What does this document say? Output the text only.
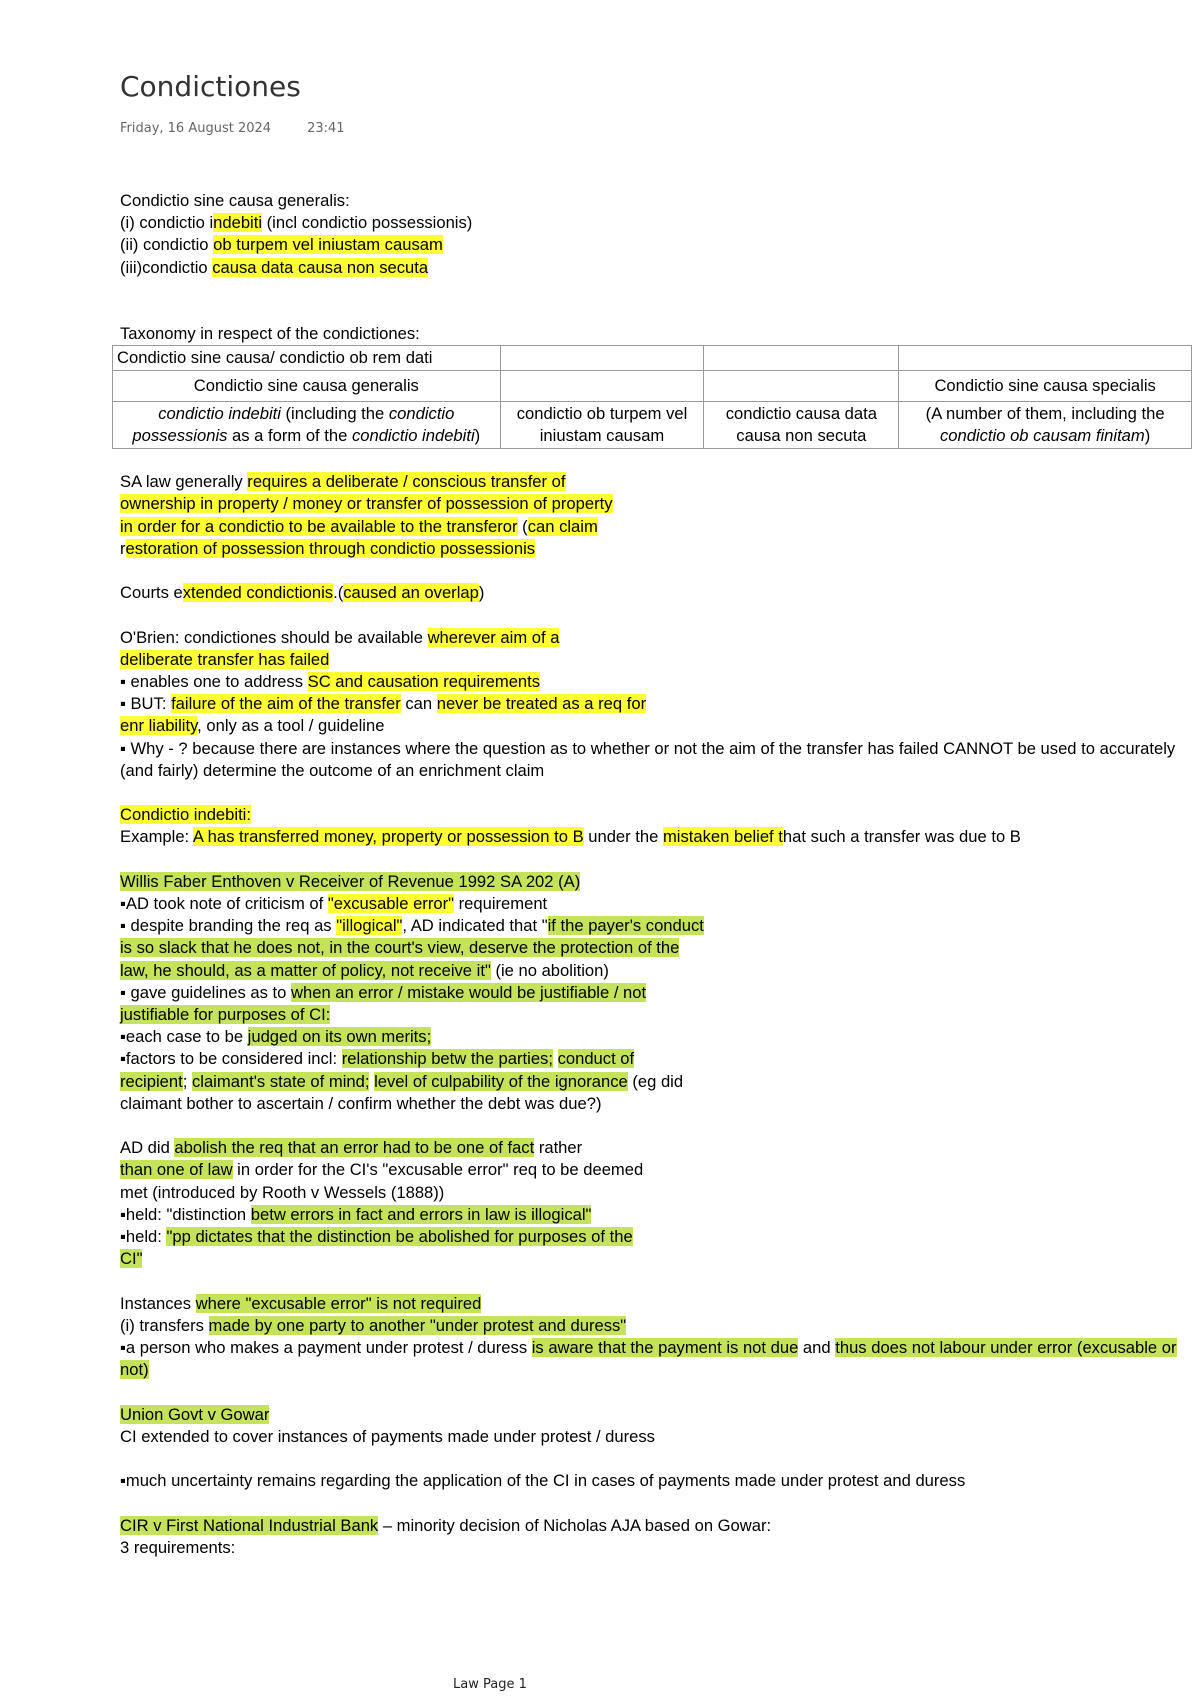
Condictiones
Friday, 16 August 2024	23:41

Condictio sine causa generalis:

(i) condictio indebiti (incl condictio possessionis)

(ii) condictio ob turpem vel iniustam causam

(iii)condictio causa data causa non secuta

Taxonomy in respect of the condictiones:

Condictio sine causa/ condictio ob rem dati			
Condictio sine causa generalis			Condictio sine causa specialis
condictio indebiti (including the condictio possessionis as a form of the condictio indebiti)	condictio ob turpem vel iniustam causam	condictio causa data causa non secuta	(A number of them, including the condictio ob causam finitam)

SA law generally requires a deliberate / conscious transfer of

ownership in property / money or transfer of possession of property

in order for a condictio to be available to the transferor (can claim

restoration of possession through condictio possessionis

Courts extended condictionis.(caused an overlap)

O'Brien: condictiones should be available wherever aim of a

deliberate transfer has failed

▪ enables one to address SC and causation requirements

▪ BUT: failure of the aim of the transfer can never be treated as a req for

enr liability, only as a tool / guideline

▪ Why - ? because there are instances where the question as to whether or not the aim of the transfer has failed CANNOT be used to accurately (and fairly) determine the outcome of an enrichment claim

Condictio indebiti:

Example: A has transferred money, property or possession to B under the mistaken belief that such a transfer was due to B

Willis Faber Enthoven v Receiver of Revenue 1992 SA 202 (A)

▪AD took note of criticism of "excusable error" requirement

▪ despite branding the req as "illogical", AD indicated that "if the payer's conduct

is so slack that he does not, in the court's view, deserve the protection of the

law, he should, as a matter of policy, not receive it" (ie no abolition)

▪ gave guidelines as to when an error / mistake would be justifiable / not

justifiable for purposes of CI:

▪each case to be judged on its own merits;

▪factors to be considered incl: relationship betw the parties; conduct of

recipient; claimant's state of mind; level of culpability of the ignorance (eg did

claimant bother to ascertain / confirm whether the debt was due?)

AD did abolish the req that an error had to be one of fact rather

than one of law in order for the CI's "excusable error" req to be deemed

met (introduced by Rooth v Wessels (1888))

▪held: "distinction betw errors in fact and errors in law is illogical"

▪held: "pp dictates that the distinction be abolished for purposes of the

CI"

Instances where "excusable error" is not required

(i) transfers made by one party to another "under protest and duress"

▪a person who makes a payment under protest / duress is aware that the payment is not due and thus does not labour under error (excusable or not)

Union Govt v Gowar

CI extended to cover instances of payments made under protest / duress

▪much uncertainty remains regarding the application of the CI in cases of payments made under protest and duress

CIR v First National Industrial Bank – minority decision of Nicholas AJA based on Gowar:

3 requirements:

Law Page 1
